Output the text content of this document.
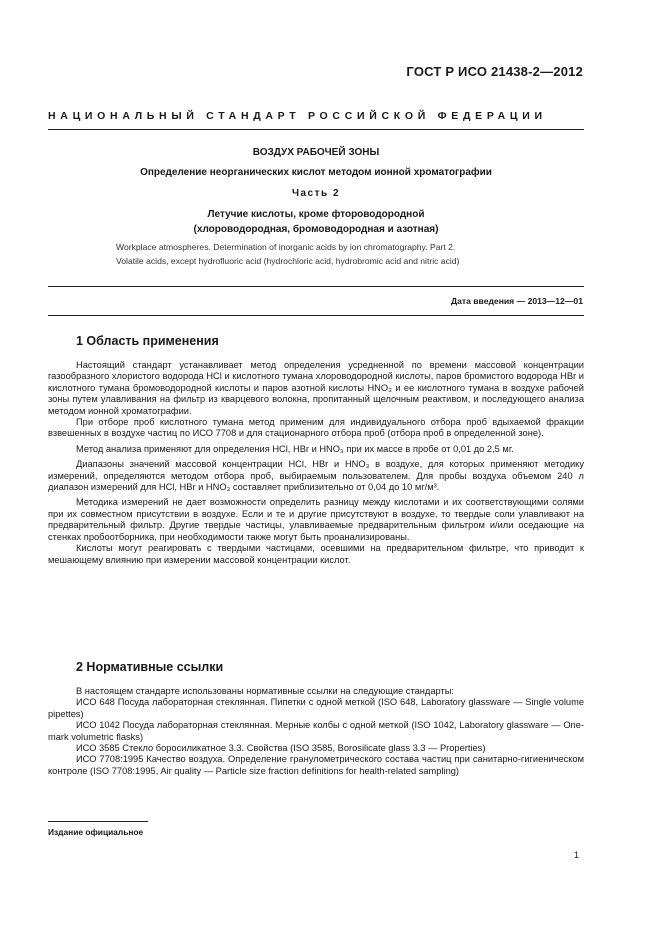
ГОСТ Р ИСО 21438-2—2012
НАЦИОНАЛЬНЫЙ СТАНДАРТ РОССИЙСКОЙ ФЕДЕРАЦИИ
ВОЗДУХ РАБОЧЕЙ ЗОНЫ
Определение неорганических кислот методом ионной хроматографии
Часть 2
Летучие кислоты, кроме фтороводородной
(хлороводородная, бромоводородная и азотная)
Workplace atmospheres. Determination of inorganic acids by ion chromatography. Part 2.
Volatile acids, except hydrofluoric acid (hydrochloric acid, hydrobromic acid and nitric acid)
Дата введения — 2013—12—01
1 Область применения

Настоящий стандарт устанавливает метод определения усредненной по времени массовой концентрации газообразного хлористого водорода HCl и кислотного тумана хлороводородной кислоты, паров бромистого водорода HBr и кислотного тумана бромоводородной кислоты и паров азотной кислоты HNO₃ и ее кислотного тумана в воздухе рабочей зоны путем улавливания на фильтр из кварцевого волокна, пропитанный щелочным реактивом, и последующего анализа методом ионной хроматографии.

При отборе проб кислотного тумана метод применим для индивидуального отбора проб вдыхаемой фракции взвешенных в воздухе частиц по ИСО 7708 и для стационарного отбора проб (отбора проб в определенной зоне).

Метод анализа применяют для определения HCl, HBr и HNO₃ при их массе в пробе от 0,01 до 2,5 мг.

Диапазоны значений массовой концентрации HCl, HBr и HNO₃ в воздухе, для которых применяют методику измерений, определяются методом отбора проб, выбираемым пользователем. Для пробы воздуха объемом 240 л диапазон измерений для HCl, HBr и HNO₃ составляет приблизительно от 0,04 до 10 мг/м³.

Методика измерений не дает возможности определить разницу между кислотами и их соответствующими солями при их совместном присутствии в воздухе. Если и те и другие присутствуют в воздухе, то твердые соли улавливают на предварительный фильтр. Другие твердые частицы, улавливаемые предварительным фильтром и/или оседающие на стенках пробоотборника, при необходимости также могут быть проанализированы.

Кислоты могут реагировать с твердыми частицами, осевшими на предварительном фильтре, что приводит к мешающему влиянию при измерении массовой концентрации кислот.

2 Нормативные ссылки

В настоящем стандарте использованы нормативные ссылки на следующие стандарты:

ИСО 648 Посуда лабораторная стеклянная. Пипетки с одной меткой (ISO 648, Laboratory glassware — Single volume pipettes)

ИСО 1042 Посуда лабораторная стеклянная. Мерные колбы с одной меткой (ISO 1042, Laboratory glassware — One-mark volumetric flasks)

ИСО 3585 Стекло боросиликатное 3.3. Свойства (ISO 3585, Borosilicate glass 3.3 — Properties)

ИСО 7708:1995 Качество воздуха. Определение гранулометрического состава частиц при санитарно-гигиеническом контроле (ISO 7708:1995, Air quality — Particle size fraction definitions for health-related sampling)

Издание официальное
1
